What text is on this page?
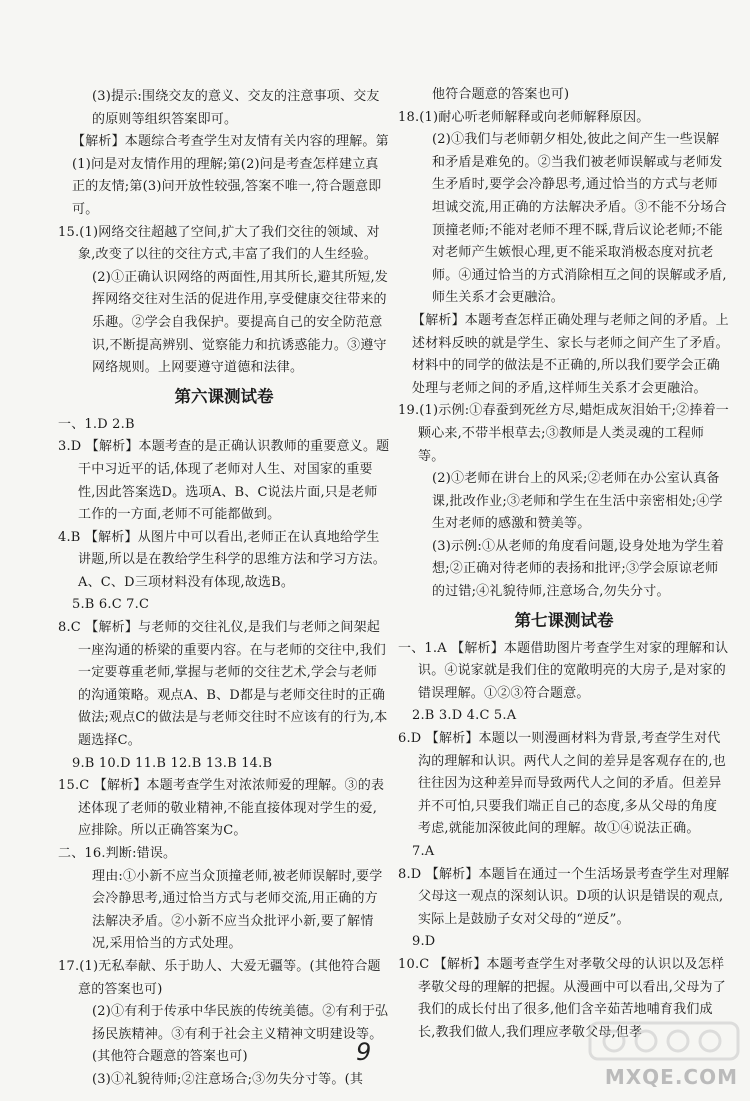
(3)提示:围绕交友的意义、交友的注意事项、交友的原则等组织答案即可。

【解析】本题综合考查学生对友情有关内容的理解。第(1)问是对友情作用的理解;第(2)问是考查怎样建立真正的友情;第(3)问开放性较强,答案不唯一,符合题意即可。

15.(1)网络交往超越了空间,扩大了我们交往的领域、对象,改变了以往的交往方式,丰富了我们的人生经验。

(2)①正确认识网络的两面性,用其所长,避其所短,发挥网络交往对生活的促进作用,享受健康交往带来的乐趣。②学会自我保护。要提高自己的安全防范意识,不断提高辨别、觉察能力和抗诱惑能力。③遵守网络规则。上网要遵守道德和法律。

第六课测试卷

一、1.D 2.B

3.D 【解析】本题考查的是正确认识教师的重要意义。题干中习近平的话,体现了老师对人生、对国家的重要性,因此答案选D。选项A、B、C说法片面,只是老师工作的一方面,老师不可能都做到。

4.B 【解析】从图片中可以看出,老师正在认真地给学生讲题,所以是在教给学生科学的思维方法和学习方法。A、C、D三项材料没有体现,故选B。

5.B 6.C 7.C

8.C 【解析】与老师的交往礼仪,是我们与老师之间架起一座沟通的桥梁的重要内容。在与老师的交往中,我们一定要尊重老师,掌握与老师的交往艺术,学会与老师的沟通策略。观点A、B、D都是与老师交往时的正确做法;观点C的做法是与老师交往时不应该有的行为,本题选择C。

9.B 10.D 11.B 12.B 13.B 14.B

15.C 【解析】本题考查学生对浓浓师爱的理解。③的表述体现了老师的敬业精神,不能直接体现对学生的爱,应排除。所以正确答案为C。

二、16.判断:错误。

理由:①小新不应当众顶撞老师,被老师误解时,要学会冷静思考,通过恰当方式与老师交流,用正确的方法解决矛盾。②小新不应当众批评小新,要了解情况,采用恰当的方式处理。

17.(1)无私奉献、乐于助人、大爱无疆等。(其他符合题意的答案也可)

(2)①有利于传承中华民族的传统美德。②有利于弘扬民族精神。③有利于社会主义精神文明建设等。(其他符合题意的答案也可)

(3)①礼貌待师;②注意场合;③勿失分寸等。(其

他符合题意的答案也可)

18.(1)耐心听老师解释或向老师解释原因。

(2)①我们与老师朝夕相处,彼此之间产生一些误解和矛盾是难免的。②当我们被老师误解或与老师发生矛盾时,要学会冷静思考,通过恰当的方式与老师坦诚交流,用正确的方法解决矛盾。③不能不分场合顶撞老师;不能对老师不理不睬,背后议论老师;不能对老师产生嫉恨心理,更不能采取消极态度对抗老师。④通过恰当的方式消除相互之间的误解或矛盾,师生关系才会更融洽。

【解析】本题考查怎样正确处理与老师之间的矛盾。上述材料反映的就是学生、家长与老师之间产生了矛盾。材料中的同学的做法是不正确的,所以我们要学会正确处理与老师之间的矛盾,这样师生关系才会更融洽。

19.(1)示例:①春蚕到死丝方尽,蜡炬成灰泪始干;②捧着一颗心来,不带半根草去;③教师是人类灵魂的工程师等。

(2)①老师在讲台上的风采;②老师在办公室认真备课,批改作业;③老师和学生在生活中亲密相处;④学生对老师的感激和赞美等。

(3)示例:①从老师的角度看问题,设身处地为学生着想;②正确对待老师的表扬和批评;③学会原谅老师的过错;④礼貌待师,注意场合,勿失分寸。

第七课测试卷

一、1.A 【解析】本题借助图片考查学生对家的理解和认识。④说家就是我们住的宽敞明亮的大房子,是对家的错误理解。①②③符合题意。

2.B 3.D 4.C 5.A

6.D 【解析】本题以一则漫画材料为背景,考查学生对代沟的理解和认识。两代人之间的差异是客观存在的,也往往因为这种差异而导致两代人之间的矛盾。但差异并不可怕,只要我们端正自己的态度,多从父母的角度考虑,就能加深彼此间的理解。故①④说法正确。

7.A

8.D 【解析】本题旨在通过一个生活场景考查学生对理解父母这一观点的深刻认识。D项的认识是错误的观点,实际上是鼓励子女对父母的“逆反”。

9.D

10.C 【解析】本题考查学生对孝敬父母的认识以及怎样孝敬父母的理解的把握。从漫画中可以看出,父母为了我们的成长付出了很多,他们含辛茹苦地哺育我们成长,教我们做人,我们理应孝敬父母,但孝

9
MXQE.COM
